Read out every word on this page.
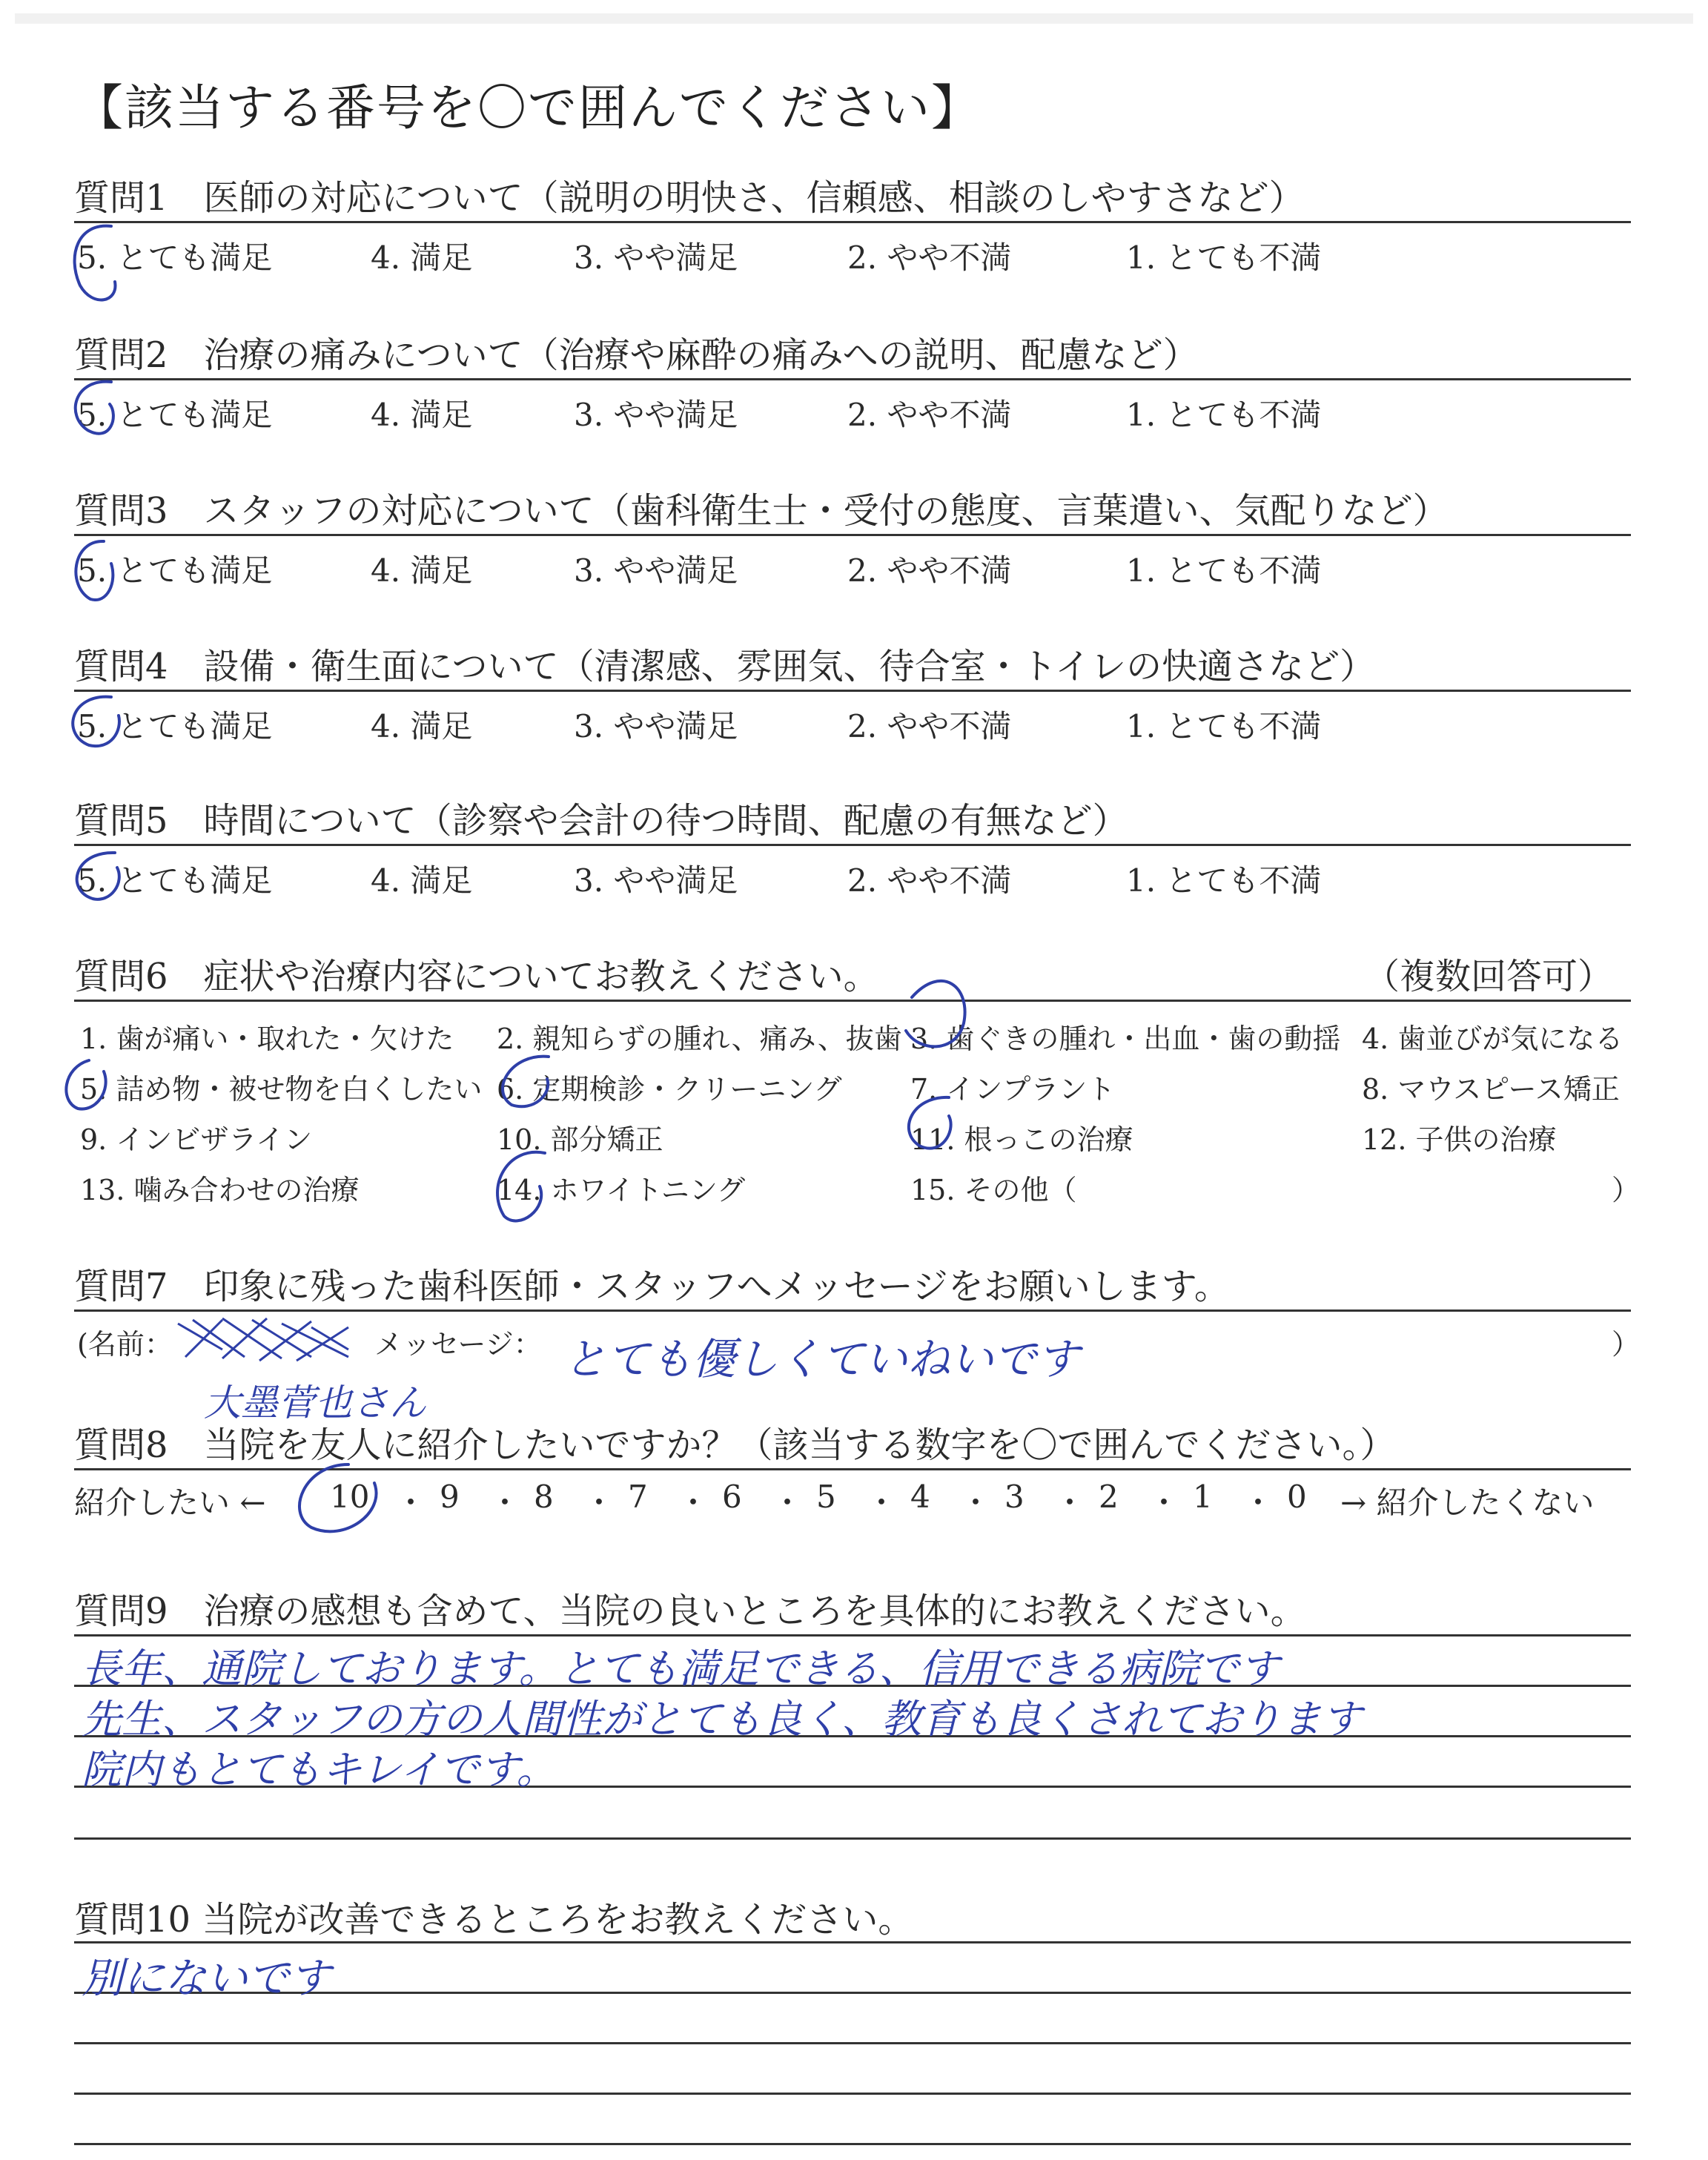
【該当する番号を〇で囲んでください】
質問1　医師の対応について（説明の明快さ、信頼感、相談のしやすさなど）
5. とても満足	4. 満足	3. やや満足	2. やや不満	1. とても不満
質問2　治療の痛みについて（治療や麻酔の痛みへの説明、配慮など）
5. とても満足	4. 満足	3. やや満足	2. やや不満	1. とても不満
質問3　スタッフの対応について（歯科衛生士・受付の態度、言葉遣い、気配りなど）
5. とても満足	4. 満足	3. やや満足	2. やや不満	1. とても不満
質問4　設備・衛生面について（清潔感、雰囲気、待合室・トイレの快適さなど）
5. とても満足	4. 満足	3. やや満足	2. やや不満	1. とても不満
質問5　時間について（診察や会計の待つ時間、配慮の有無など）
5. とても満足	4. 満足	3. やや満足	2. やや不満	1. とても不満
質問6　症状や治療内容についてお教えください。	（複数回答可）
1. 歯が痛い・取れた・欠けた 2. 親知らずの腫れ、痛み、抜歯 3. 歯ぐきの腫れ・出血・歯の動揺 4. 歯並びが気になる
5. 詰め物・被せ物を白くしたい 6. 定期検診・クリーニング 7. インプラント	8. マウスピース矯正
9. インビザライン	10. 部分矯正	11. 根っこの治療	12. 子供の治療
13. 噛み合わせの治療	14. ホワイトニング	15. その他（	）
質問7　印象に残った歯科医師・スタッフへメッセージをお願いします。
(名前：	メッセージ：	）
とても優しくていねいです
大墨菅也さん
質問8　当院を友人に紹介したいですか？（該当する数字を〇で囲んでください。）
紹介したい ← 10 ・ 9 ・ 8 ・ 7 ・ 6 ・ 5 ・ 4 ・ 3 ・ 2 ・ 1 ・ 0 → 紹介したくない
質問9　治療の感想も含めて、当院の良いところを具体的にお教えください。
長年、通院しております。とても満足できる、信用できる病院です
先生、スタッフの方の人間性がとても良く、教育も良くされております
院内もとてもキレイです。
質問10 当院が改善できるところをお教えください。
別にないです
